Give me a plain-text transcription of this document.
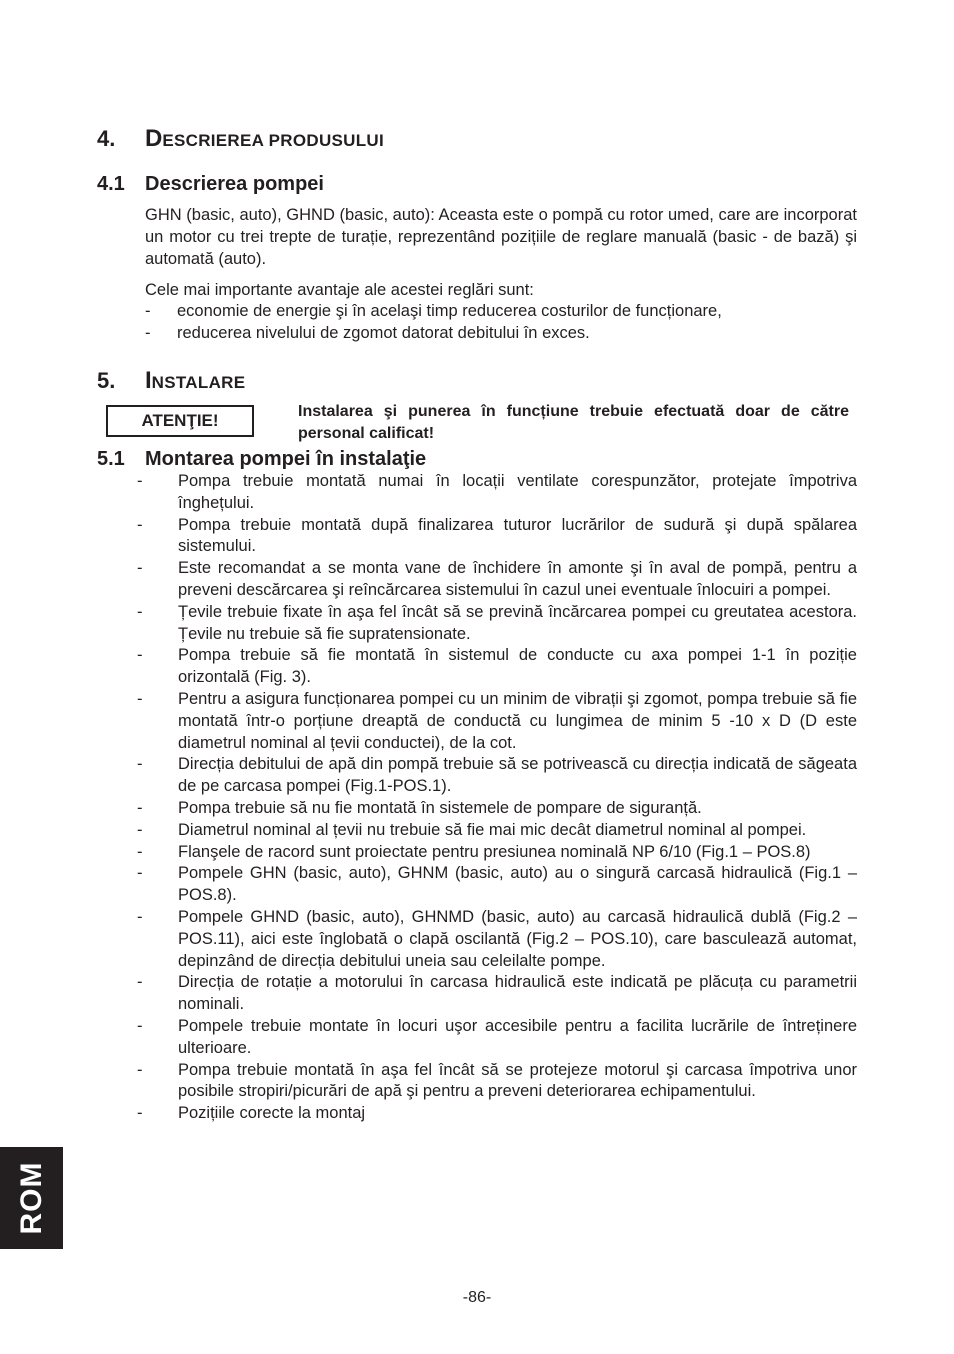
4. DESCRIEREA PRODUSULUI
4.1 Descrierea pompei
GHN (basic, auto), GHND (basic, auto): Aceasta este o pompă cu rotor umed, care are incorporat un motor cu trei trepte de turație, reprezentând pozițiile de reglare manuală (basic - de bază) şi automată (auto).
Cele mai importante avantaje ale acestei reglări sunt:
- economie de energie şi în acelaşi timp reducerea costurilor de funcționare,
- reducerea nivelului de zgomot datorat debitului în exces.
5. INSTALARE
ATENŢIE!	Instalarea şi punerea în funcțiune trebuie efectuată doar de către personal calificat!
5.1 Montarea pompei în instalaţie
- Pompa trebuie montată numai în locații ventilate corespunzător, protejate împotriva înghețului.
- Pompa trebuie montată după finalizarea tuturor lucrărilor de sudură şi după spălarea sistemului.
- Este recomandat a se monta vane de închidere în amonte şi în aval de pompă, pentru a preveni descărcarea şi reîncărcarea sistemului în cazul unei eventuale înlocuiri a pompei.
- Țevile trebuie fixate în aşa fel încât să se prevină încărcarea pompei cu greutatea acestora. Țevile nu trebuie să fie supratensionate.
- Pompa trebuie să fie montată în sistemul de conducte cu axa pompei 1-1 în poziție orizontală (Fig. 3).
- Pentru a asigura funcționarea pompei cu un minim de vibrații şi zgomot, pompa trebuie să fie montată într-o porțiune dreaptă de conductă cu lungimea de minim 5 -10 x D (D este diametrul nominal al țevii conductei), de la cot.
- Direcția debitului de apă din pompă trebuie să se potrivească cu direcția indicată de săgeata de pe carcasa pompei (Fig.1-POS.1).
- Pompa trebuie să nu fie montată în sistemele de pompare de siguranță.
- Diametrul nominal al țevii nu trebuie să fie mai mic decât diametrul nominal al pompei.
- Flanşele de racord sunt proiectate pentru presiunea nominală NP 6/10 (Fig.1 – POS.8)
- Pompele GHN (basic, auto), GHNM (basic, auto) au o singură carcasă hidraulică (Fig.1 – POS.8).
- Pompele GHND (basic, auto), GHNMD (basic, auto) au carcasă hidraulică dublă (Fig.2 – POS.11), aici este înglobată o clapă oscilantă (Fig.2 – POS.10), care basculează automat, depinzând de direcția debitului uneia sau celeilalte pompe.
- Direcția de rotație a motorului în carcasa hidraulică este indicată pe plăcuța cu parametrii nominali.
- Pompele trebuie montate în locuri uşor accesibile pentru a facilita lucrările de întreținere ulterioare.
- Pompa trebuie montată în aşa fel încât să se protejeze motorul şi carcasa împotriva unor posibile stropiri/picurări de apă şi pentru a preveni deteriorarea echipamentului.
- Pozițiile corecte la montaj
ROM
-86-
